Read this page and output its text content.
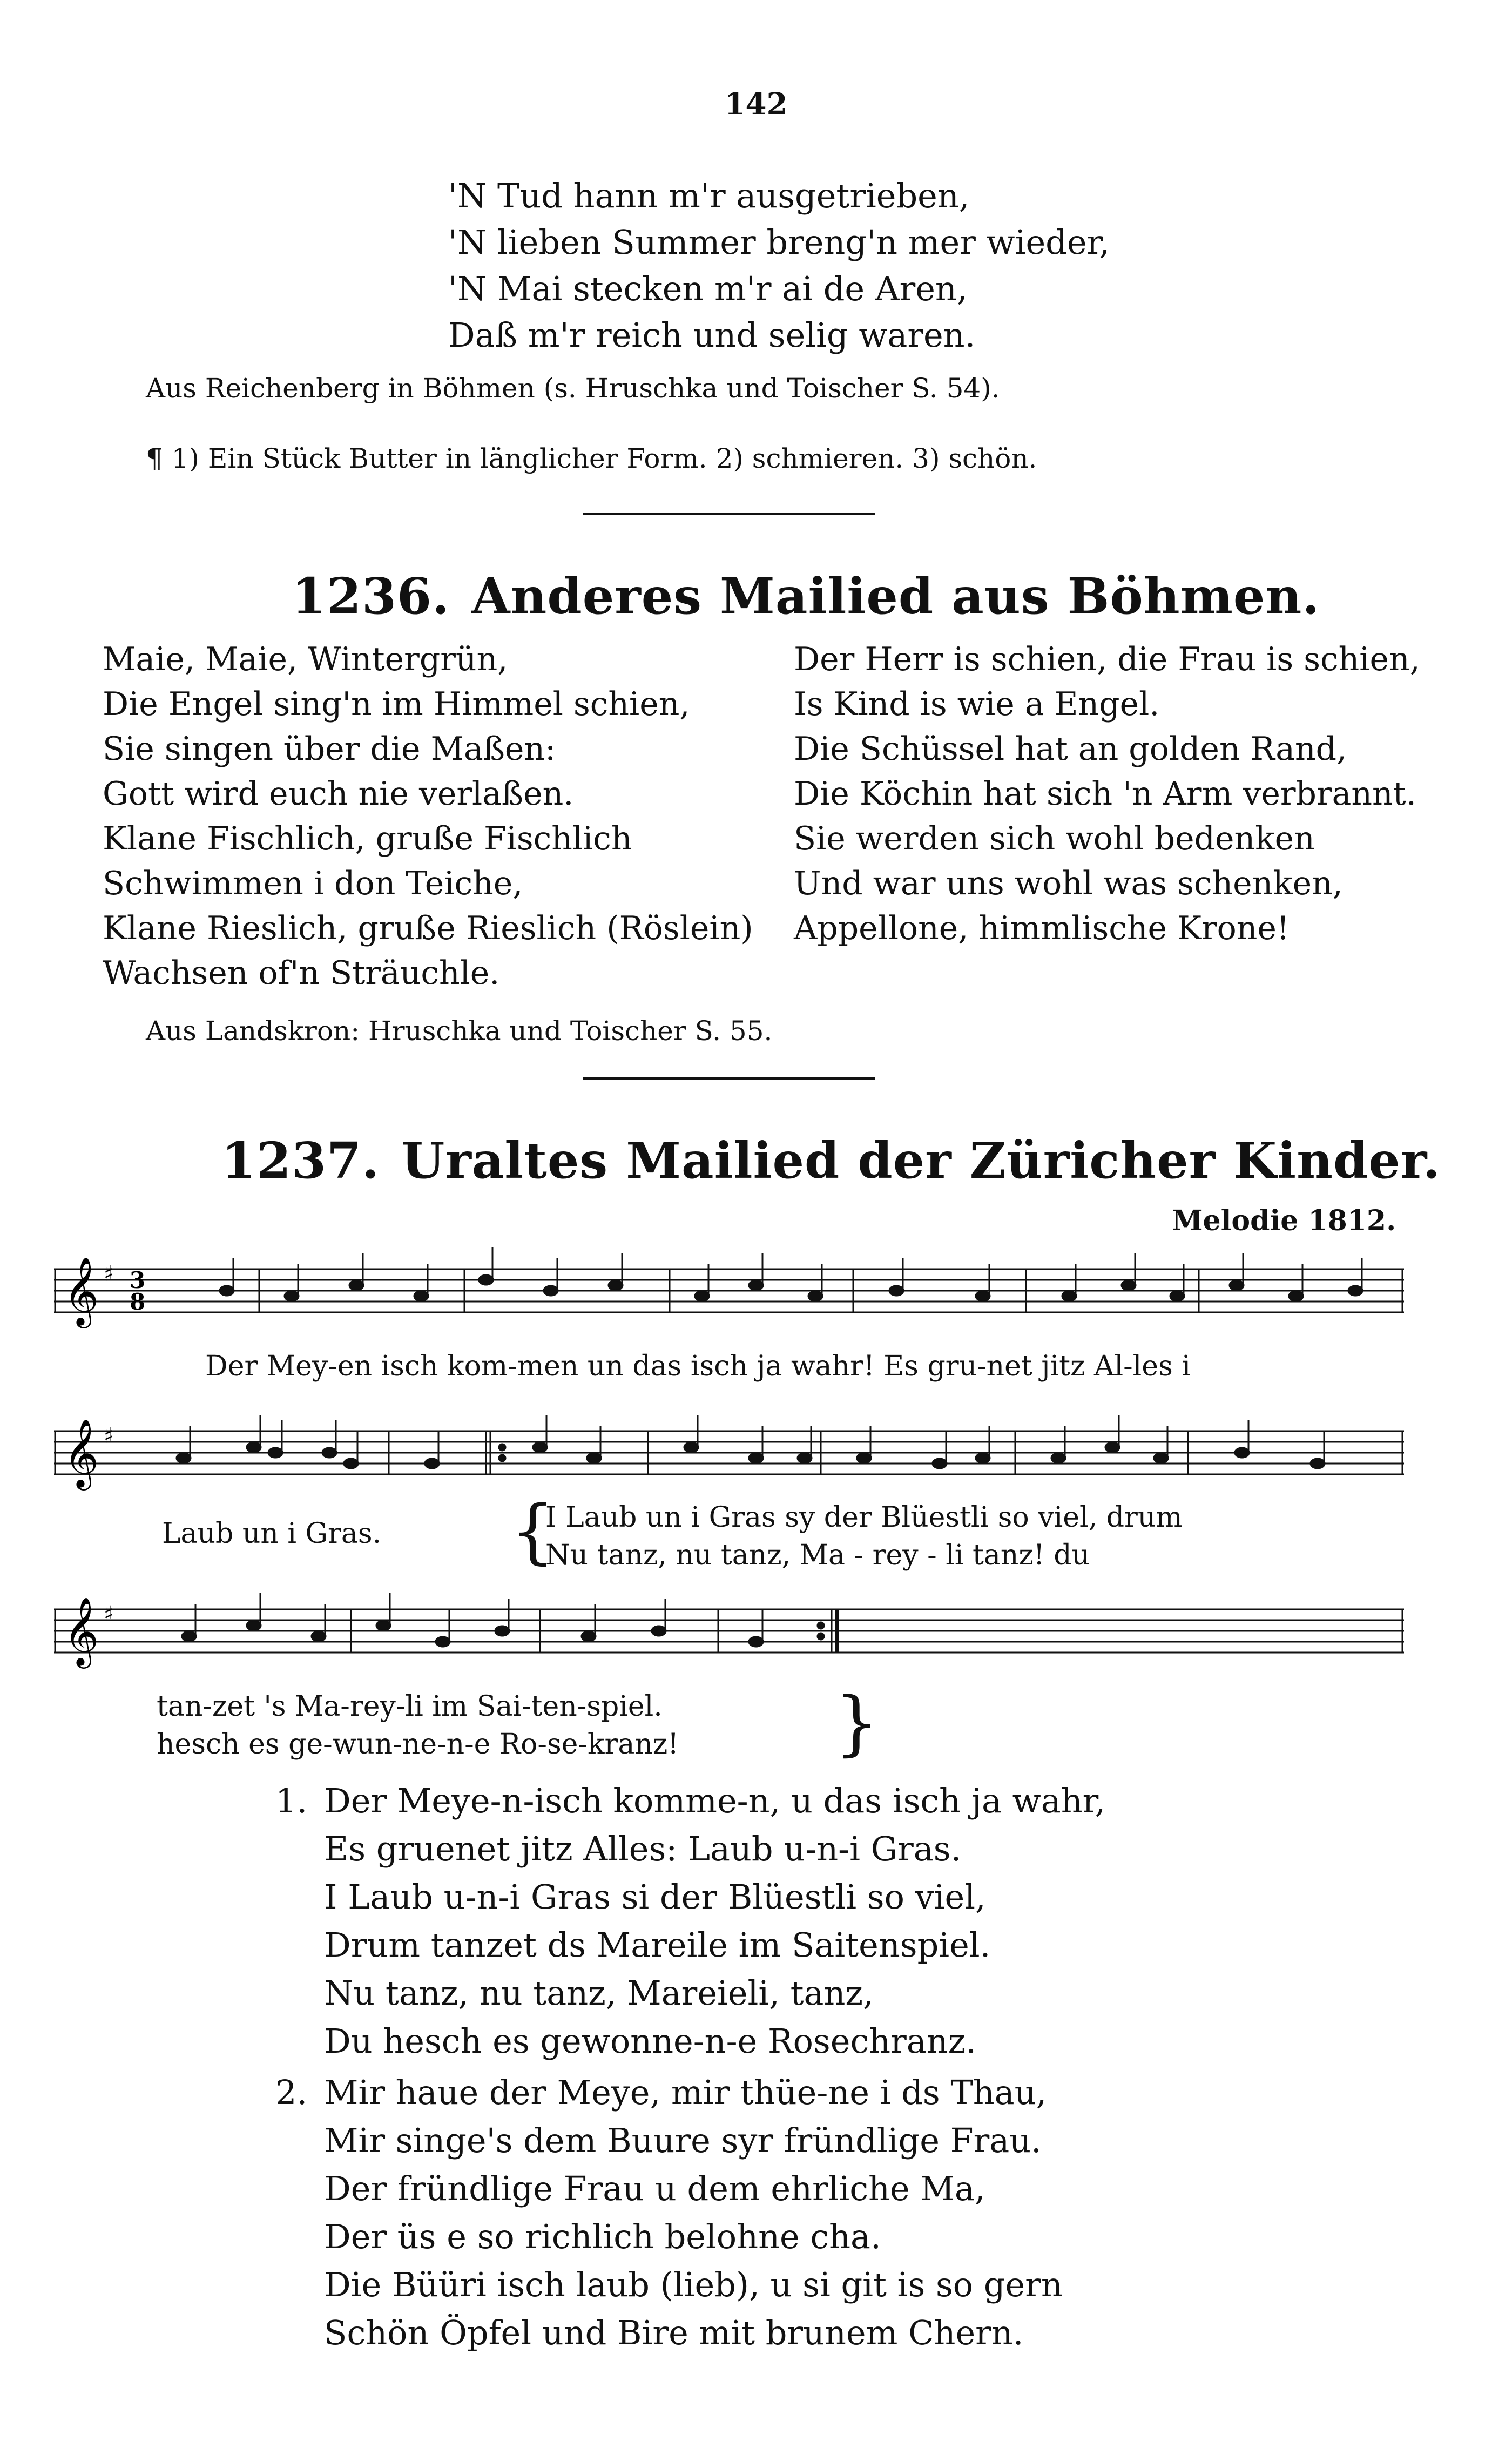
142
'N Tud hann m'r ausgetrieben,
'N lieben Summer breng'n mer wieder,
'N Mai stecken m'r ai de Aren,
Daß m'r reich und selig waren.
Aus Reichenberg in Böhmen (s. Hruschka und Toischer S. 54).
¶ 1) Ein Stück Butter in länglicher Form. 2) schmieren. 3) schön.
1236. Anderes Mailied aus Böhmen.
Maie, Maie, Wintergrün,
Die Engel sing'n im Himmel schien,
Sie singen über die Maßen:
Gott wird euch nie verlaßen.
Klane Fischlich, gruße Fischlich
Schwimmen i don Teiche,
Klane Rieslich, gruße Rieslich (Röslein)
Wachsen of'n Sträuchle.
Der Herr is schien, die Frau is schien,
Is Kind is wie a Engel.
Die Schüssel hat an golden Rand,
Die Köchin hat sich 'n Arm verbrannt.
Sie werden sich wohl bedenken
Und war uns wohl was schenken,
Appellone, himmlische Krone!
Aus Landskron: Hruschka und Toischer S. 55.
1237. Uraltes Mailied der Züricher Kinder.
Melodie 1812.
𝄞 ♯ 3
8
Der Mey-en isch kom-men un das isch ja wahr! Es gru-net jitz Al-les i
𝄞 ♯
Laub un i Gras. {
I Laub un i Gras sy der Blüestli so viel, drum
Nu tanz, nu tanz, Ma - rey - li tanz! du
𝄞 ♯
tan-zet 's Ma-rey-li im Sai-ten-spiel.
hesch es ge-wun-ne-n-e Ro-se-kranz! }
1. Der Meye-n-isch komme-n, u das isch ja wahr,
Es gruenet jitz Alles: Laub u-n-i Gras.
I Laub u-n-i Gras si der Blüestli so viel,
Drum tanzet ds Mareile im Saitenspiel.
Nu tanz, nu tanz, Mareieli, tanz,
Du hesch es gewonne-n-e Rosechranz.
2. Mir haue der Meye, mir thüe-ne i ds Thau,
Mir singe's dem Buure syr fründlige Frau.
Der fründlige Frau u dem ehrliche Ma,
Der üs e so richlich belohne cha.
Die Büüri isch laub (lieb), u si git is so gern
Schön Öpfel und Bire mit brunem Chern.
